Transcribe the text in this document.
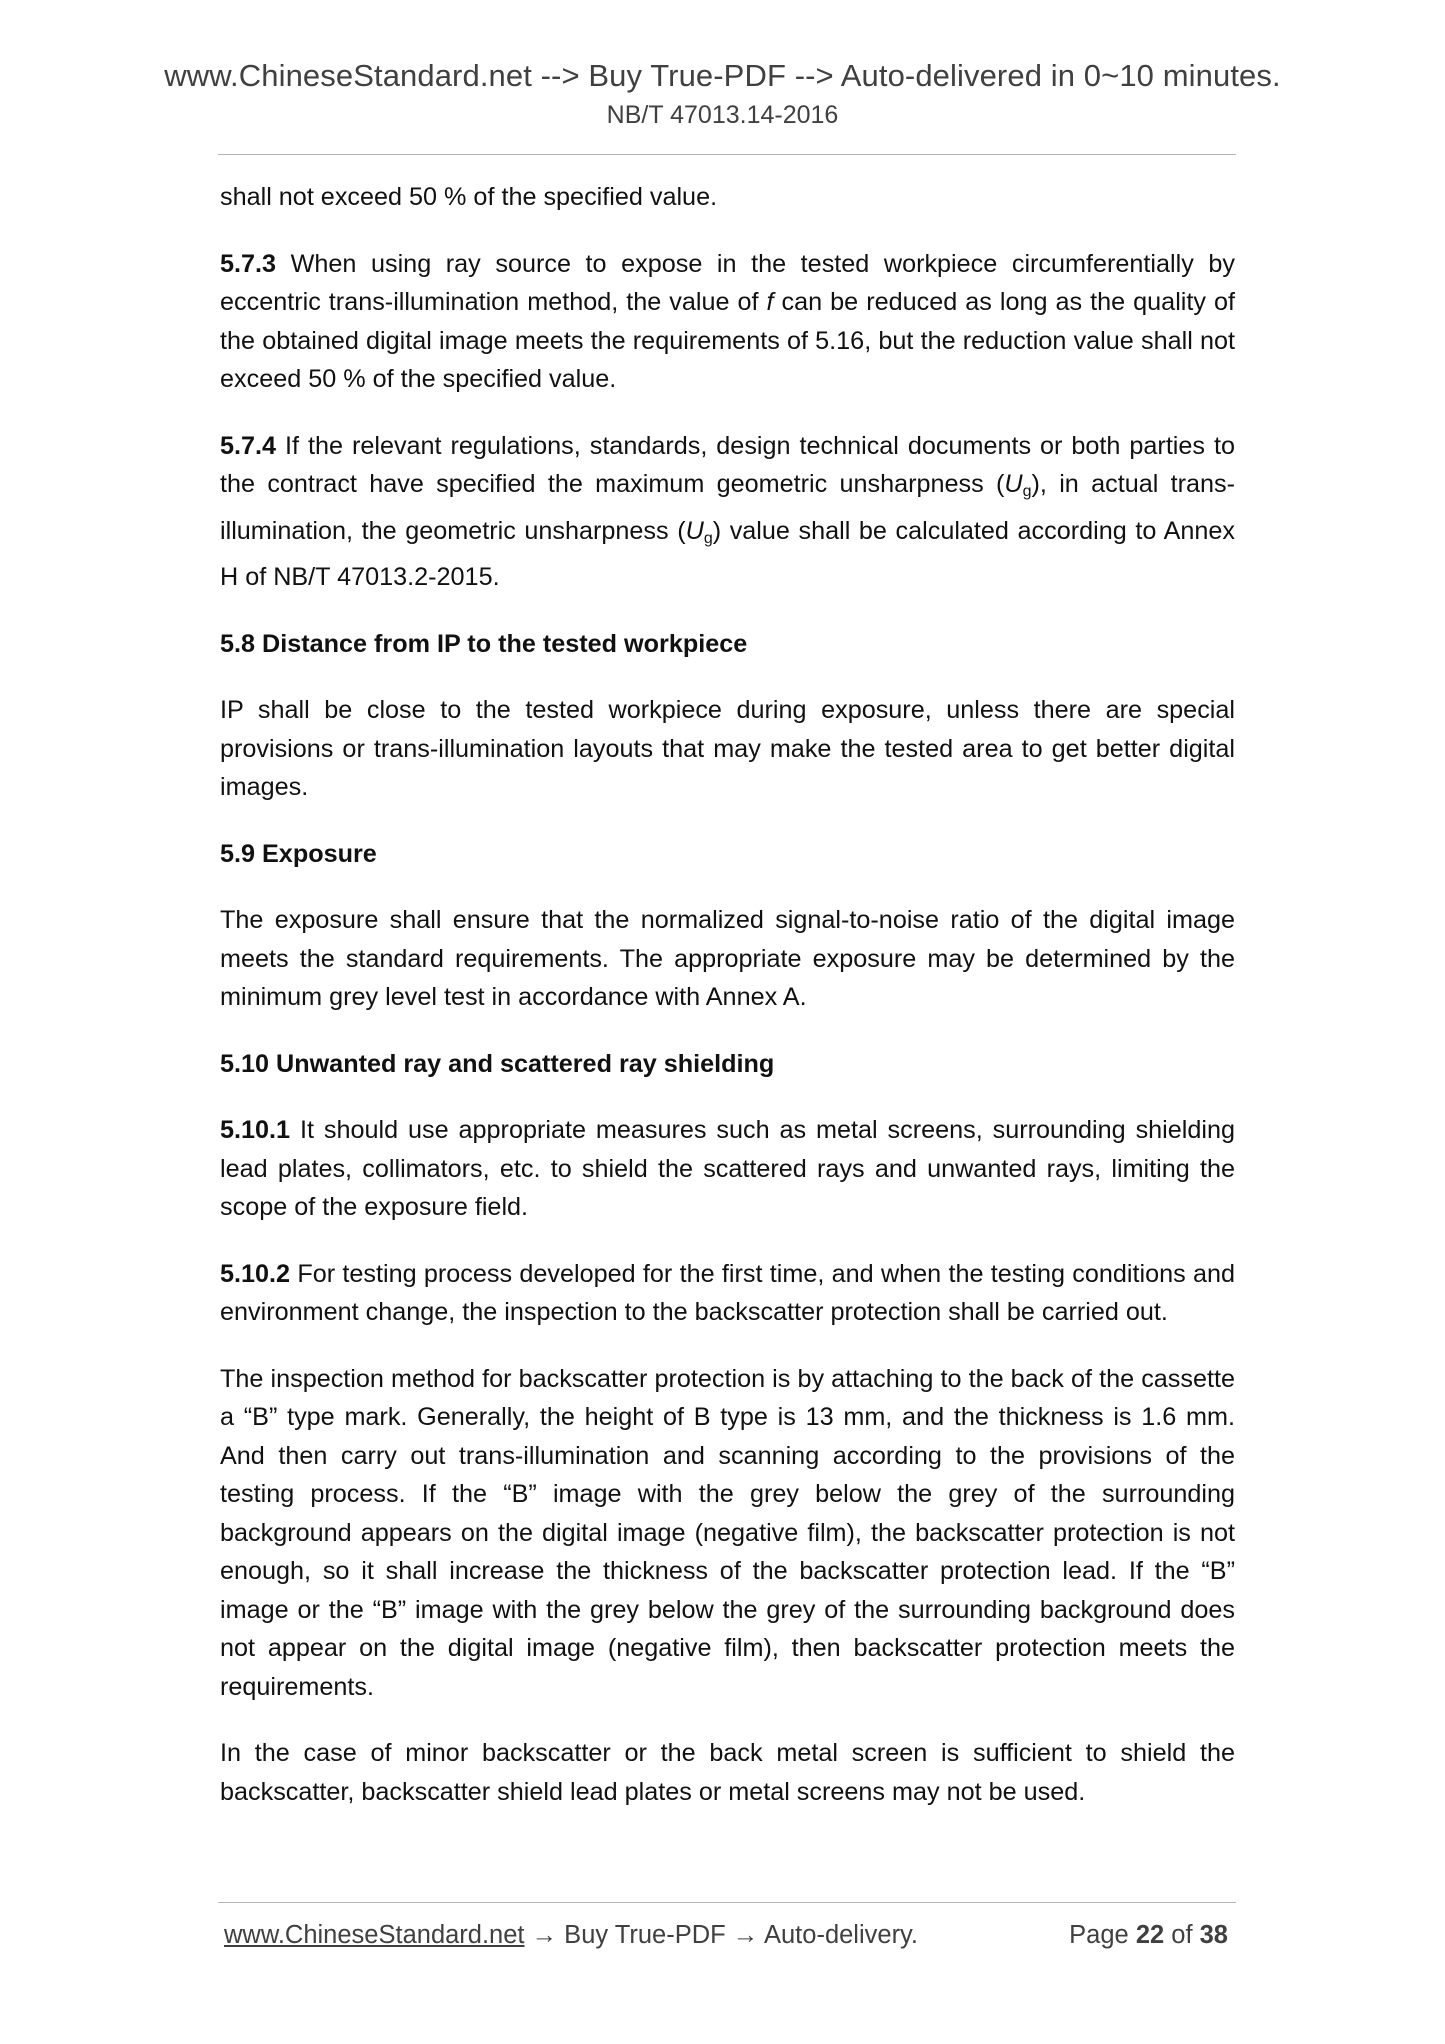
www.ChineseStandard.net --> Buy True-PDF --> Auto-delivered in 0~10 minutes.
NB/T 47013.14-2016

shall not exceed 50 % of the specified value.

5.7.3 When using ray source to expose in the tested workpiece circumferentially by eccentric trans-illumination method, the value of f can be reduced as long as the quality of the obtained digital image meets the requirements of 5.16, but the reduction value shall not exceed 50 % of the specified value.

5.7.4 If the relevant regulations, standards, design technical documents or both parties to the contract have specified the maximum geometric unsharpness $(U_g)$, in actual trans-illumination, the geometric unsharpness $(U_g)$ value shall be calculated according to Annex H of NB/T 47013.2-2015.

5.8 Distance from IP to the tested workpiece

IP shall be close to the tested workpiece during exposure, unless there are special provisions or trans-illumination layouts that may make the tested area to get better digital images.

5.9 Exposure

The exposure shall ensure that the normalized signal-to-noise ratio of the digital image meets the standard requirements. The appropriate exposure may be determined by the minimum grey level test in accordance with Annex A.

5.10 Unwanted ray and scattered ray shielding

5.10.1 It should use appropriate measures such as metal screens, surrounding shielding lead plates, collimators, etc. to shield the scattered rays and unwanted rays, limiting the scope of the exposure field.

5.10.2 For testing process developed for the first time, and when the testing conditions and environment change, the inspection to the backscatter protection shall be carried out.

The inspection method for backscatter protection is by attaching to the back of the cassette a “B” type mark. Generally, the height of B type is 13 mm, and the thickness is 1.6 mm. And then carry out trans-illumination and scanning according to the provisions of the testing process. If the “B” image with the grey below the grey of the surrounding background appears on the digital image (negative film), the backscatter protection is not enough, so it shall increase the thickness of the backscatter protection lead. If the “B” image or the “B” image with the grey below the grey of the surrounding background does not appear on the digital image (negative film), then backscatter protection meets the requirements.

In the case of minor backscatter or the back metal screen is sufficient to shield the backscatter, backscatter shield lead plates or metal screens may not be used.

www.ChineseStandard.net → Buy True-PDF → Auto-delivery.	Page 22 of 38
